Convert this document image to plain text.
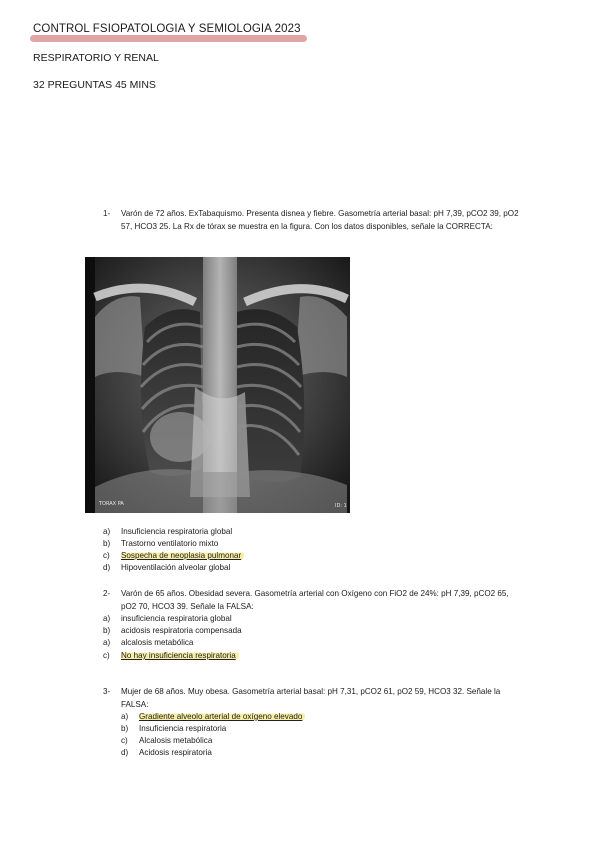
CONTROL FSIOPATOLOGIA Y SEMIOLOGIA 2023
RESPIRATORIO Y RENAL
32 PREGUNTAS 45 MINS
1- Varón de 72 años. ExTabaquismo. Presenta disnea y fiebre. Gasometría arterial basal: pH 7,39, pCO2 39, pO2 57, HCO3 25. La Rx de tórax se muestra en la figura. Con los datos disponibles, señale la CORRECTA:
TORAX PA	ID: 1
a) Insuficiencia respiratoria global
b) Trastorno ventilatorio mixto
c) Sospecha de neoplasia pulmonar
d) Hipoventilación alveolar global
2- Varón de 65 años. Obesidad severa. Gasometría arterial con Oxígeno con FiO2 de 24%: pH 7,39, pCO2 65, pO2 70, HCO3 39. Señale la FALSA:
a) insuficiencia respiratoria global
b) acidosis respiratoria compensada
a) alcalosis metabólica
c) No hay insuficiencia respiratoria
3- Mujer de 68 años. Muy obesa. Gasometría arterial basal: pH 7,31, pCO2 61, pO2 59, HCO3 32. Señale la FALSA:
a) Gradiente alveolo arterial de oxígeno elevado
b) Insuficiencia respiratoria
c) Alcalosis metabólica
d) Acidosis respiratoria
